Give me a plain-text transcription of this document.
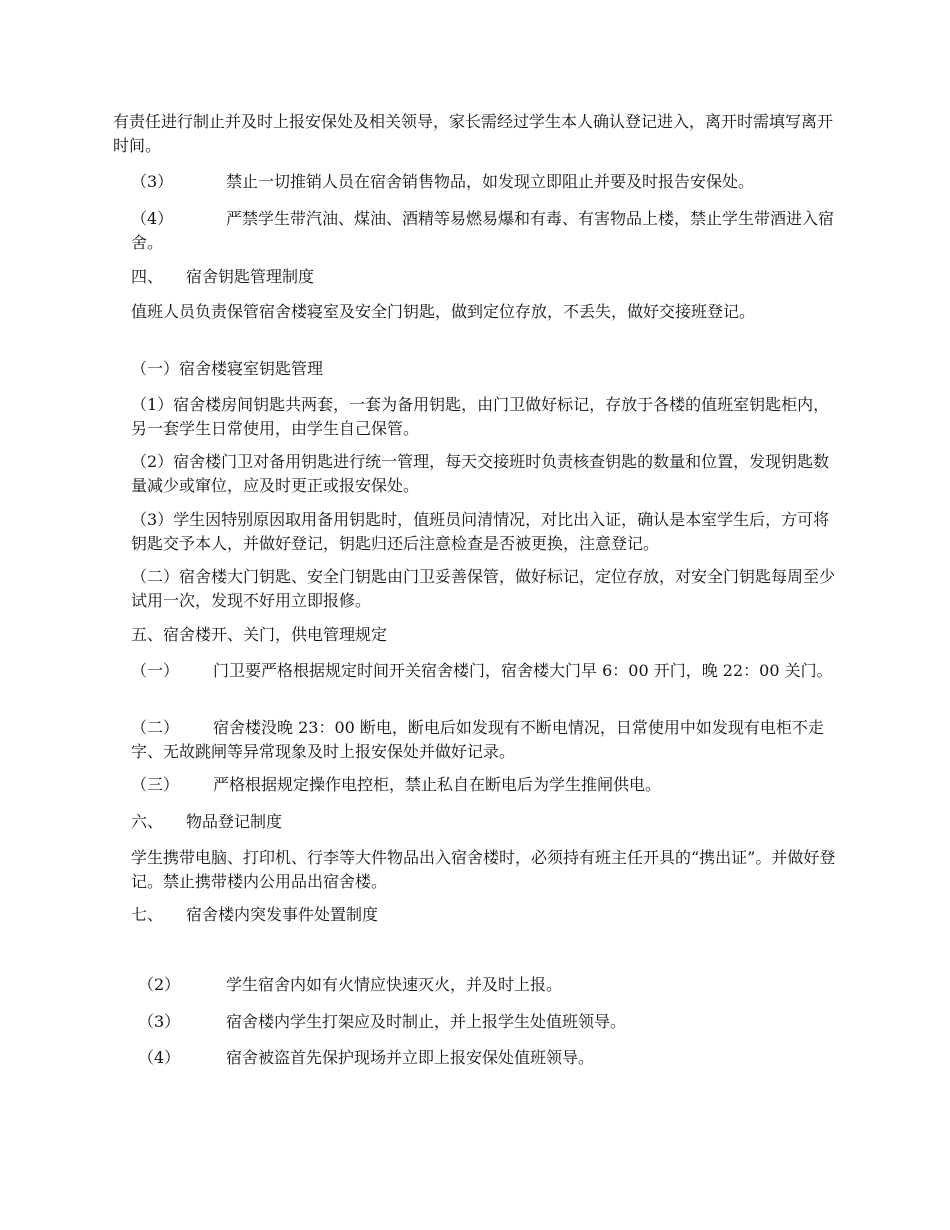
有责任进行制止并及时上报安保处及相关领导，家长需经过学生本人确认登记进入，离开时需填写离开时间。

（3）	禁止一切推销人员在宿舍销售物品，如发现立即阻止并要及时报告安保处。
（4）	严禁学生带汽油、煤油、酒精等易燃易爆和有毒、有害物品上楼，禁止学生带酒进入宿舍。
四、 宿舍钥匙管理制度

值班人员负责保管宿舍楼寝室及安全门钥匙，做到定位存放，不丢失，做好交接班登记。

（一）宿舍楼寝室钥匙管理

（1）宿舍楼房间钥匙共两套，一套为备用钥匙，由门卫做好标记，存放于各楼的值班室钥匙柜内，另一套学生日常使用，由学生自己保管。

（2）宿舍楼门卫对备用钥匙进行统一管理，每天交接班时负责核查钥匙的数量和位置，发现钥匙数量减少或窜位，应及时更正或报安保处。

（3）学生因特别原因取用备用钥匙时，值班员问清情况，对比出入证，确认是本室学生后，方可将钥匙交予本人，并做好登记，钥匙归还后注意检查是否被更换，注意登记。

（二）宿舍楼大门钥匙、安全门钥匙由门卫妥善保管，做好标记，定位存放，对安全门钥匙每周至少试用一次，发现不好用立即报修。

五、宿舍楼开、关门，供电管理规定

（一） 门卫要严格根据规定时间开关宿舍楼门，宿舍楼大门早 6：00 开门，晚 22：00 关门。
（二） 宿舍楼没晚 23：00 断电，断电后如发现有不断电情况，日常使用中如发现有电柜不走字、无故跳闸等异常现象及时上报安保处并做好记录。
（三） 严格根据规定操作电控柜，禁止私自在断电后为学生推闸供电。
六、 物品登记制度

学生携带电脑、打印机、行李等大件物品出入宿舍楼时，必须持有班主任开具的“携出证”。并做好登记。禁止携带楼内公用品出宿舍楼。

七、 宿舍楼内突发事件处置制度
（2）	学生宿舍内如有火情应快速灭火，并及时上报。
（3）	宿舍楼内学生打架应及时制止，并上报学生处值班领导。
（4）	宿舍被盗首先保护现场并立即上报安保处值班领导。
